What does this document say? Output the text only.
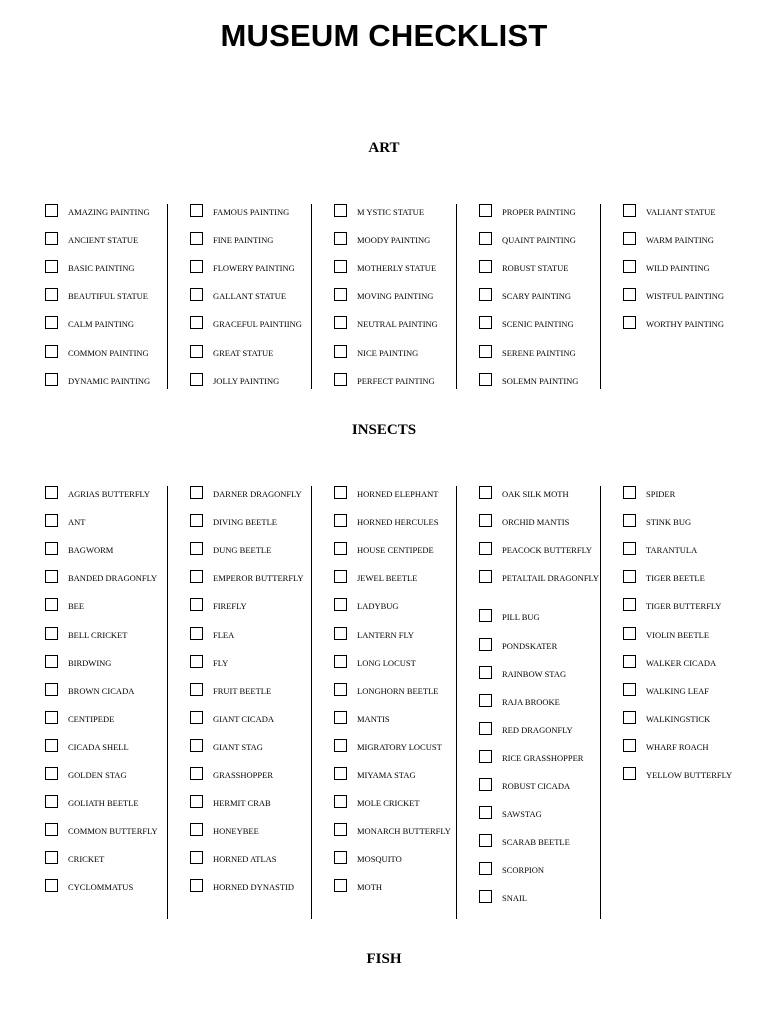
MUSEUM CHECKLIST
ART
AMAZING PAINTING
ANCIENT STATUE
BASIC PAINTING
BEAUTIFUL STATUE
CALM PAINTING
COMMON PAINTING
DYNAMIC PAINTING
FAMOUS PAINTING
FINE PAINTING
FLOWERY PAINTING
GALLANT STATUE
GRACEFUL PAINTIING
GREAT STATUE
JOLLY PAINTING
M YSTIC STATUE
MOODY PAINTING
MOTHERLY STATUE
MOVING PAINTING
NEUTRAL PAINTING
NICE PAINTING
PERFECT PAINTING
PROPER PAINTING
QUAINT PAINTING
ROBUST STATUE
SCARY PAINTING
SCENIC PAINTING
SERENE PAINTING
SOLEMN PAINTING
VALIANT STATUE
WARM PAINTING
WILD PAINTING
WISTFUL PAINTING
WORTHY PAINTING
INSECTS
AGRIAS BUTTERFLY
ANT
BAGWORM
BANDED DRAGONFLY
BEE
BELL CRICKET
BIRDWING
BROWN CICADA
CENTIPEDE
CICADA SHELL
GOLDEN STAG
GOLIATH BEETLE
COMMON BUTTERFLY
CRICKET
CYCLOMMATUS
DARNER DRAGONFLY
DIVING BEETLE
DUNG BEETLE
EMPEROR BUTTERFLY
FIREFLY
FLEA
FLY
FRUIT BEETLE
GIANT CICADA
GIANT STAG
GRASSHOPPER
HERMIT CRAB
HONEYBEE
HORNED ATLAS
HORNED DYNASTID
HORNED ELEPHANT
HORNED HERCULES
HOUSE CENTIPEDE
JEWEL BEETLE
LADYBUG
LANTERN FLY
LONG LOCUST
LONGHORN BEETLE
MANTIS
MIGRATORY LOCUST
MIYAMA STAG
MOLE CRICKET
MONARCH BUTTERFLY
MOSQUITO
MOTH
OAK SILK MOTH
ORCHID MANTIS
PEACOCK BUTTERFLY
PETALTAIL DRAGONFLY
PILL BUG
PONDSKATER
RAINBOW STAG
RAJA BROOKE
RED DRAGONFLY
RICE GRASSHOPPER
ROBUST CICADA
SAWSTAG
SCARAB BEETLE
SCORPION
SNAIL
SPIDER
STINK BUG
TARANTULA
TIGER BEETLE
TIGER BUTTERFLY
VIOLIN BEETLE
WALKER CICADA
WALKING LEAF
WALKINGSTICK
WHARF ROACH
YELLOW BUTTERFLY
FISH
